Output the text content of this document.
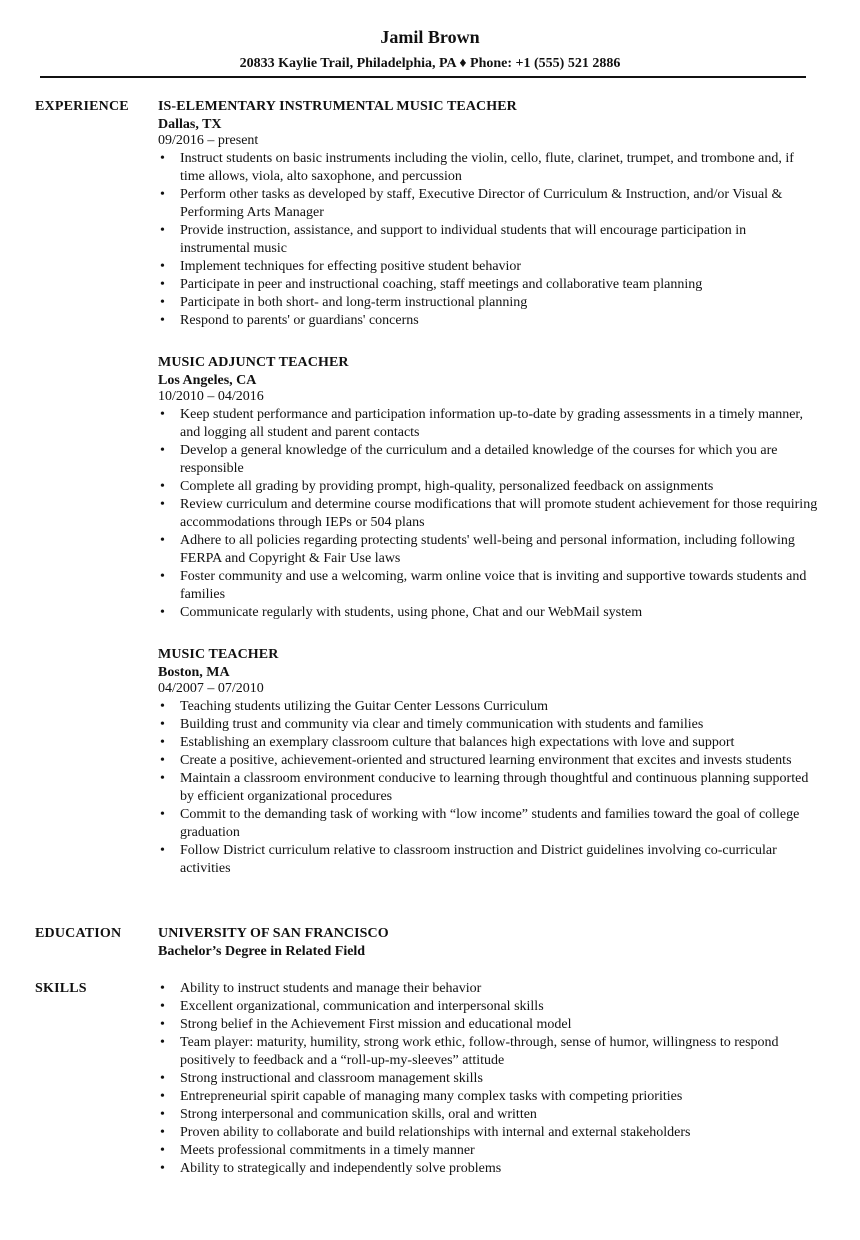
Jamil Brown
20833 Kaylie Trail, Philadelphia, PA ♦ Phone: +1 (555) 521 2886
EXPERIENCE IS-ELEMENTARY INSTRUMENTAL MUSIC TEACHER
Dallas, TX
09/2016 – present
• Instruct students on basic instruments including the violin, cello, flute, clarinet, trumpet, and trombone and, if time allows, viola, alto saxophone, and percussion
• Perform other tasks as developed by staff, Executive Director of Curriculum & Instruction, and/or Visual & Performing Arts Manager
• Provide instruction, assistance, and support to individual students that will encourage participation in instrumental music
• Implement techniques for effecting positive student behavior
• Participate in peer and instructional coaching, staff meetings and collaborative team planning
• Participate in both short- and long-term instructional planning
• Respond to parents' or guardians' concerns
MUSIC ADJUNCT TEACHER
Los Angeles, CA
10/2010 – 04/2016
• Keep student performance and participation information up-to-date by grading assessments in a timely manner, and logging all student and parent contacts
• Develop a general knowledge of the curriculum and a detailed knowledge of the courses for which you are responsible
• Complete all grading by providing prompt, high-quality, personalized feedback on assignments
• Review curriculum and determine course modifications that will promote student achievement for those requiring accommodations through IEPs or 504 plans
• Adhere to all policies regarding protecting students' well-being and personal information, including following FERPA and Copyright & Fair Use laws
• Foster community and use a welcoming, warm online voice that is inviting and supportive towards students and families
• Communicate regularly with students, using phone, Chat and our WebMail system
MUSIC TEACHER
Boston, MA
04/2007 – 07/2010
• Teaching students utilizing the Guitar Center Lessons Curriculum
• Building trust and community via clear and timely communication with students and families
• Establishing an exemplary classroom culture that balances high expectations with love and support
• Create a positive, achievement-oriented and structured learning environment that excites and invests students
• Maintain a classroom environment conducive to learning through thoughtful and continuous planning supported by efficient organizational procedures
• Commit to the demanding task of working with “low income” students and families toward the goal of college graduation
• Follow District curriculum relative to classroom instruction and District guidelines involving co-curricular activities
EDUCATION	UNIVERSITY OF SAN FRANCISCO
Bachelor’s Degree in Related Field
SKILLS
•	Ability to instruct students and manage their behavior
• Excellent organizational, communication and interpersonal skills
• Strong belief in the Achievement First mission and educational model
• Team player: maturity, humility, strong work ethic, follow-through, sense of humor, willingness to respond positively to feedback and a “roll-up-my-sleeves” attitude
• Strong instructional and classroom management skills
• Entrepreneurial spirit capable of managing many complex tasks with competing priorities
• Strong interpersonal and communication skills, oral and written
• Proven ability to collaborate and build relationships with internal and external stakeholders
• Meets professional commitments in a timely manner
• Ability to strategically and independently solve problems
